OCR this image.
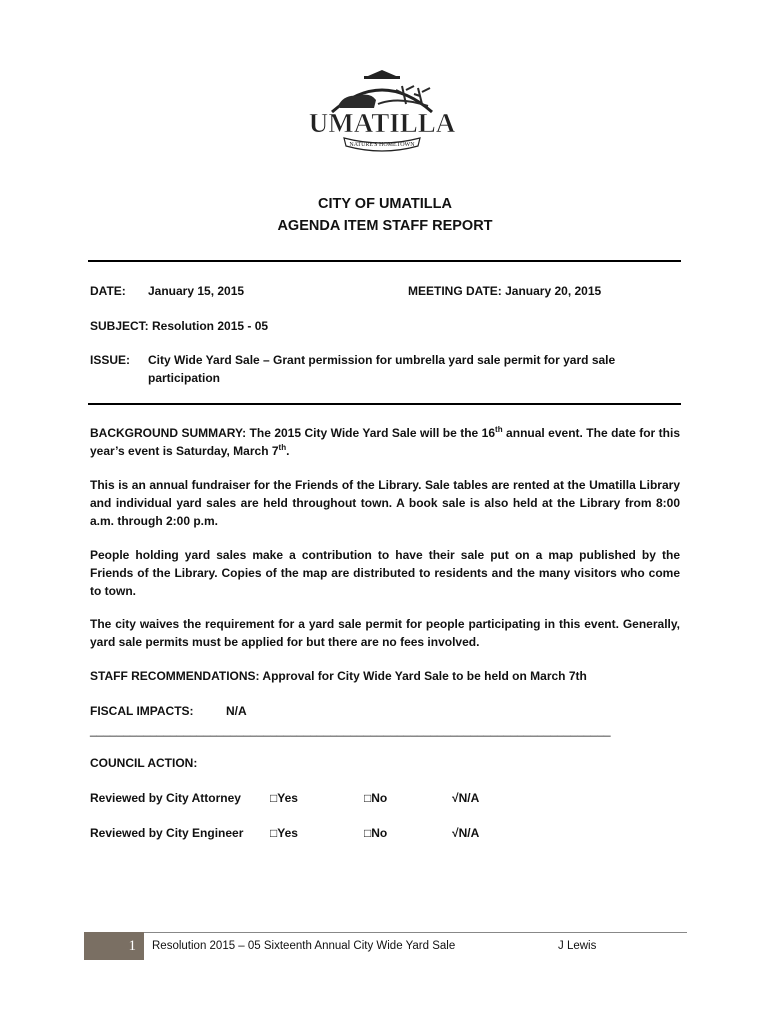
UMATILLA
NATURE'S HOMETOWN
CITY OF UMATILLA
AGENDA ITEM STAFF REPORT
DATE: January 15, 2015	MEETING DATE: January 20, 2015
SUBJECT: Resolution 2015 - 05
ISSUE: City Wide Yard Sale – Grant permission for umbrella yard sale permit for yard sale
participation
BACKGROUND SUMMARY: The 2015 City Wide Yard Sale will be the 16th annual event. The date for this year’s event is Saturday, March 7th.
This is an annual fundraiser for the Friends of the Library. Sale tables are rented at the Umatilla Library and individual yard sales are held throughout town. A book sale is also held at the Library from 8:00 a.m. through 2:00 p.m.
People holding yard sales make a contribution to have their sale put on a map published by the Friends of the Library. Copies of the map are distributed to residents and the many visitors who come to town.
The city waives the requirement for a yard sale permit for people participating in this event. Generally, yard sale permits must be applied for but there are no fees involved.
STAFF RECOMMENDATIONS: Approval for City Wide Yard Sale to be held on March 7th
FISCAL IMPACTS:	N/A
______________________________________________________________________________
COUNCIL ACTION:
Reviewed by City Attorney □Yes	□No	√N/A
Reviewed by City Engineer □Yes	□No	√N/A
1	Resolution 2015 – 05 Sixteenth Annual City Wide Yard Sale	J Lewis
